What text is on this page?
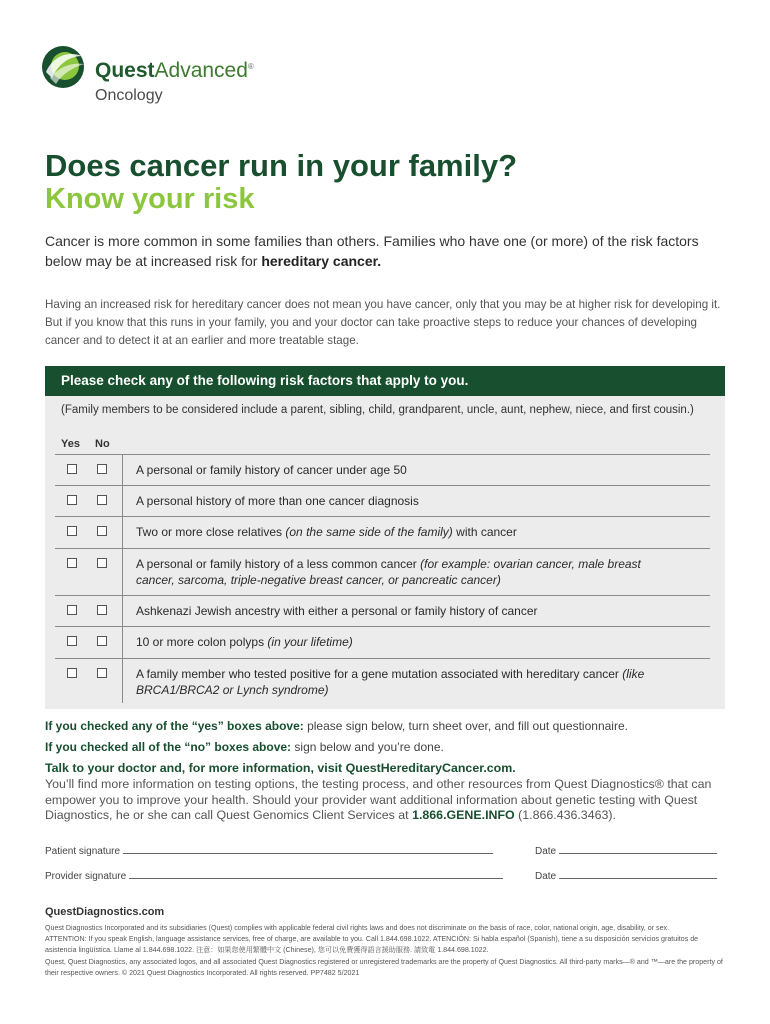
QuestAdvanced®
Oncology
Does cancer run in your family?
Know your risk
Cancer is more common in some families than others. Families who have one (or more) of the risk factors below may be at increased risk for hereditary cancer.
Having an increased risk for hereditary cancer does not mean you have cancer, only that you may be at higher risk for developing it. But if you know that this runs in your family, you and your doctor can take proactive steps to reduce your chances of developing cancer and to detect it at an earlier and more treatable stage.
Please check any of the following risk factors that apply to you.
(Family members to be considered include a parent, sibling, child, grandparent, uncle, aunt, nephew, niece, and first cousin.)
Yes No
A personal or family history of cancer under age 50
A personal history of more than one cancer diagnosis
Two or more close relatives (on the same side of the family) with cancer
A personal or family history of a less common cancer (for example: ovarian cancer, male breast cancer, sarcoma, triple-negative breast cancer, or pancreatic cancer)
Ashkenazi Jewish ancestry with either a personal or family history of cancer
10 or more colon polyps (in your lifetime)
A family member who tested positive for a gene mutation associated with hereditary cancer (like BRCA1/BRCA2 or Lynch syndrome)
If you checked any of the “yes” boxes above: please sign below, turn sheet over, and fill out questionnaire.
If you checked all of the “no” boxes above: sign below and you’re done.
Talk to your doctor and, for more information, visit QuestHereditaryCancer.com.
You’ll find more information on testing options, the testing process, and other resources from Quest Diagnostics® that can empower you to improve your health. Should your provider want additional information about genetic testing with Quest Diagnostics, he or she can call Quest Genomics Client Services at 1.866.GENE.INFO (1.866.436.3463).
Patient signature	Date
Provider signature	Date
QuestDiagnostics.com
Quest Diagnostics Incorporated and its subsidiaries (Quest) complies with applicable federal civil rights laws and does not discriminate on the basis of race, color, national origin, age, disability, or sex.
ATTENTION: If you speak English, language assistance services, free of charge, are available to you. Call 1.844.698.1022. ATENCIÓN: Si habla español (Spanish), tiene a su disposición servicios gratuitos de asistencia lingüística. Llame al 1.844.698.1022. 注意：如果您使用繁體中文 (Chinese), 您可以免費獲得語言援助服務. 請致電 1.844.698.1022.
Quest, Quest Diagnostics, any associated logos, and all associated Quest Diagnostics registered or unregistered trademarks are the property of Quest Diagnostics. All third-party marks—® and ™—are the property of their respective owners. © 2021 Quest Diagnostics Incorporated. All rights reserved. PP7482 5/2021
